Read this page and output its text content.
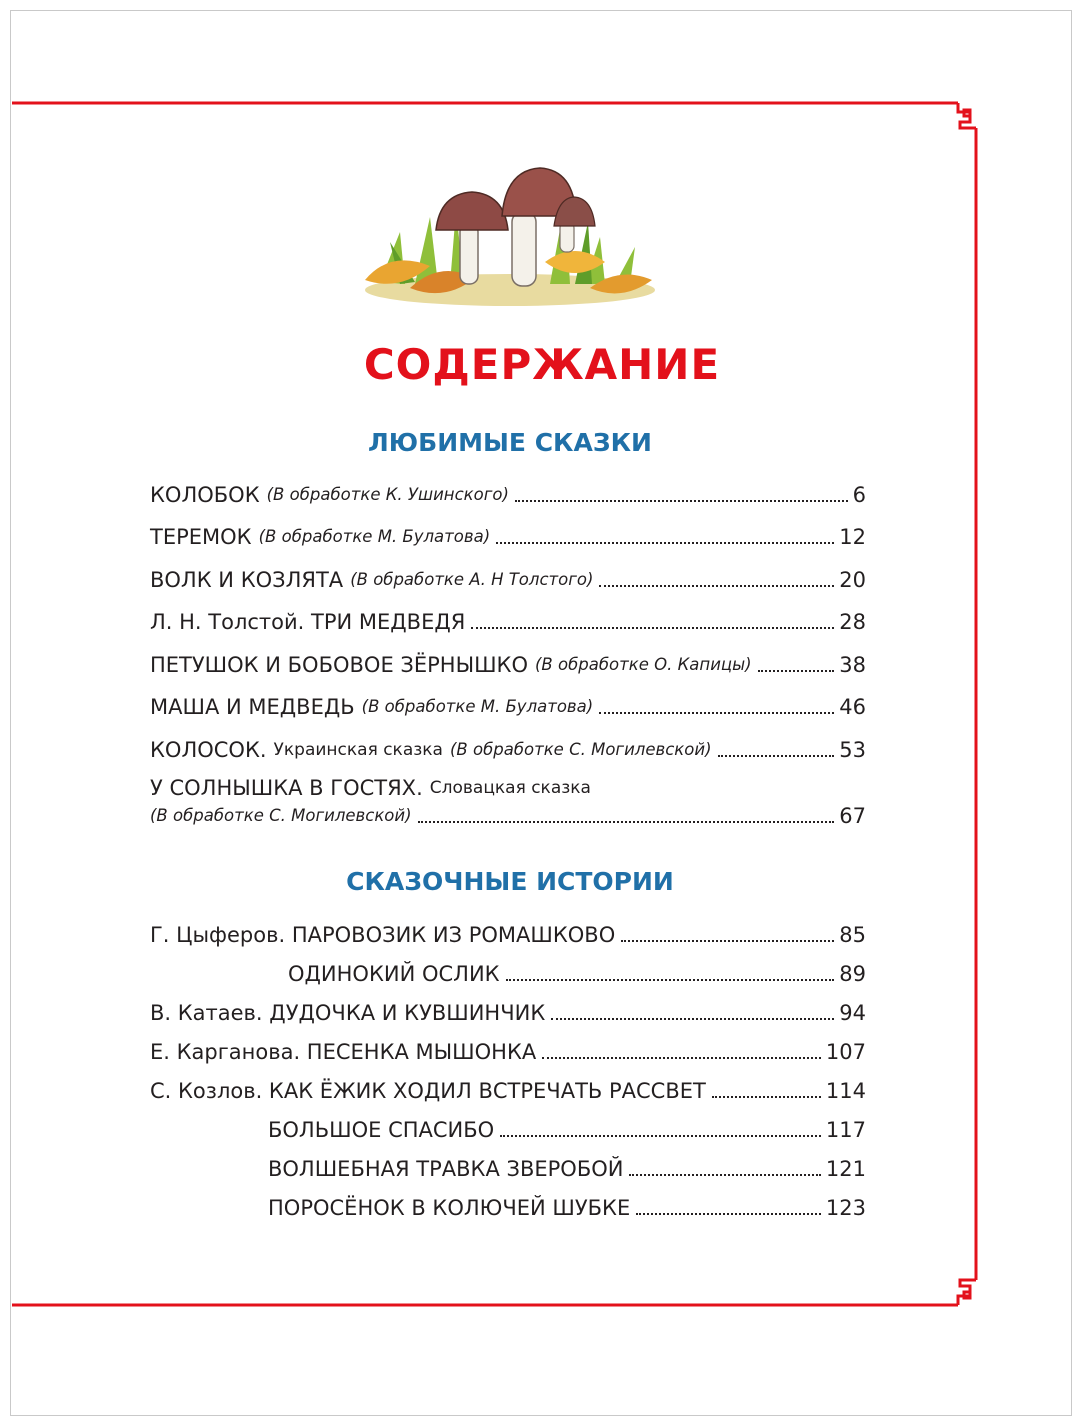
СОДЕРЖАНИЕ
ЛЮБИМЫЕ СКАЗКИ
КОЛОБОК (В обработке К. Ушинского)	6
ТЕРЕМОК (В обработке М. Булатова)	12
ВОЛК И КОЗЛЯТА (В обработке А. Н Толстого)	20
Л. Н. Толстой. ТРИ МЕДВЕДЯ	28
ПЕТУШОК И БОБОВОЕ ЗЁРНЫШКО (В обработке О. Капицы)	38
МАША И МЕДВЕДЬ (В обработке М. Булатова)	46
КОЛОСОК. Украинская сказка (В обработке С. Могилевской)	53
У СОЛНЫШКА В ГОСТЯХ. Словацкая сказка
(В обработке С. Могилевской)	67
СКАЗОЧНЫЕ ИСТОРИИ
Г. Цыферов. ПАРОВОЗИК ИЗ РОМАШКОВО	85
ОДИНОКИЙ ОСЛИК	89
В. Катаев. ДУДОЧКА И КУВШИНЧИК	94
Е. Карганова. ПЕСЕНКА МЫШОНКА	107
С. Козлов. КАК ЁЖИК ХОДИЛ ВСТРЕЧАТЬ РАССВЕТ	114
БОЛЬШОЕ СПАСИБО	117
ВОЛШЕБНАЯ ТРАВКА ЗВЕРОБОЙ	121
ПОРОСЁНОК В КОЛЮЧЕЙ ШУБКЕ	123
